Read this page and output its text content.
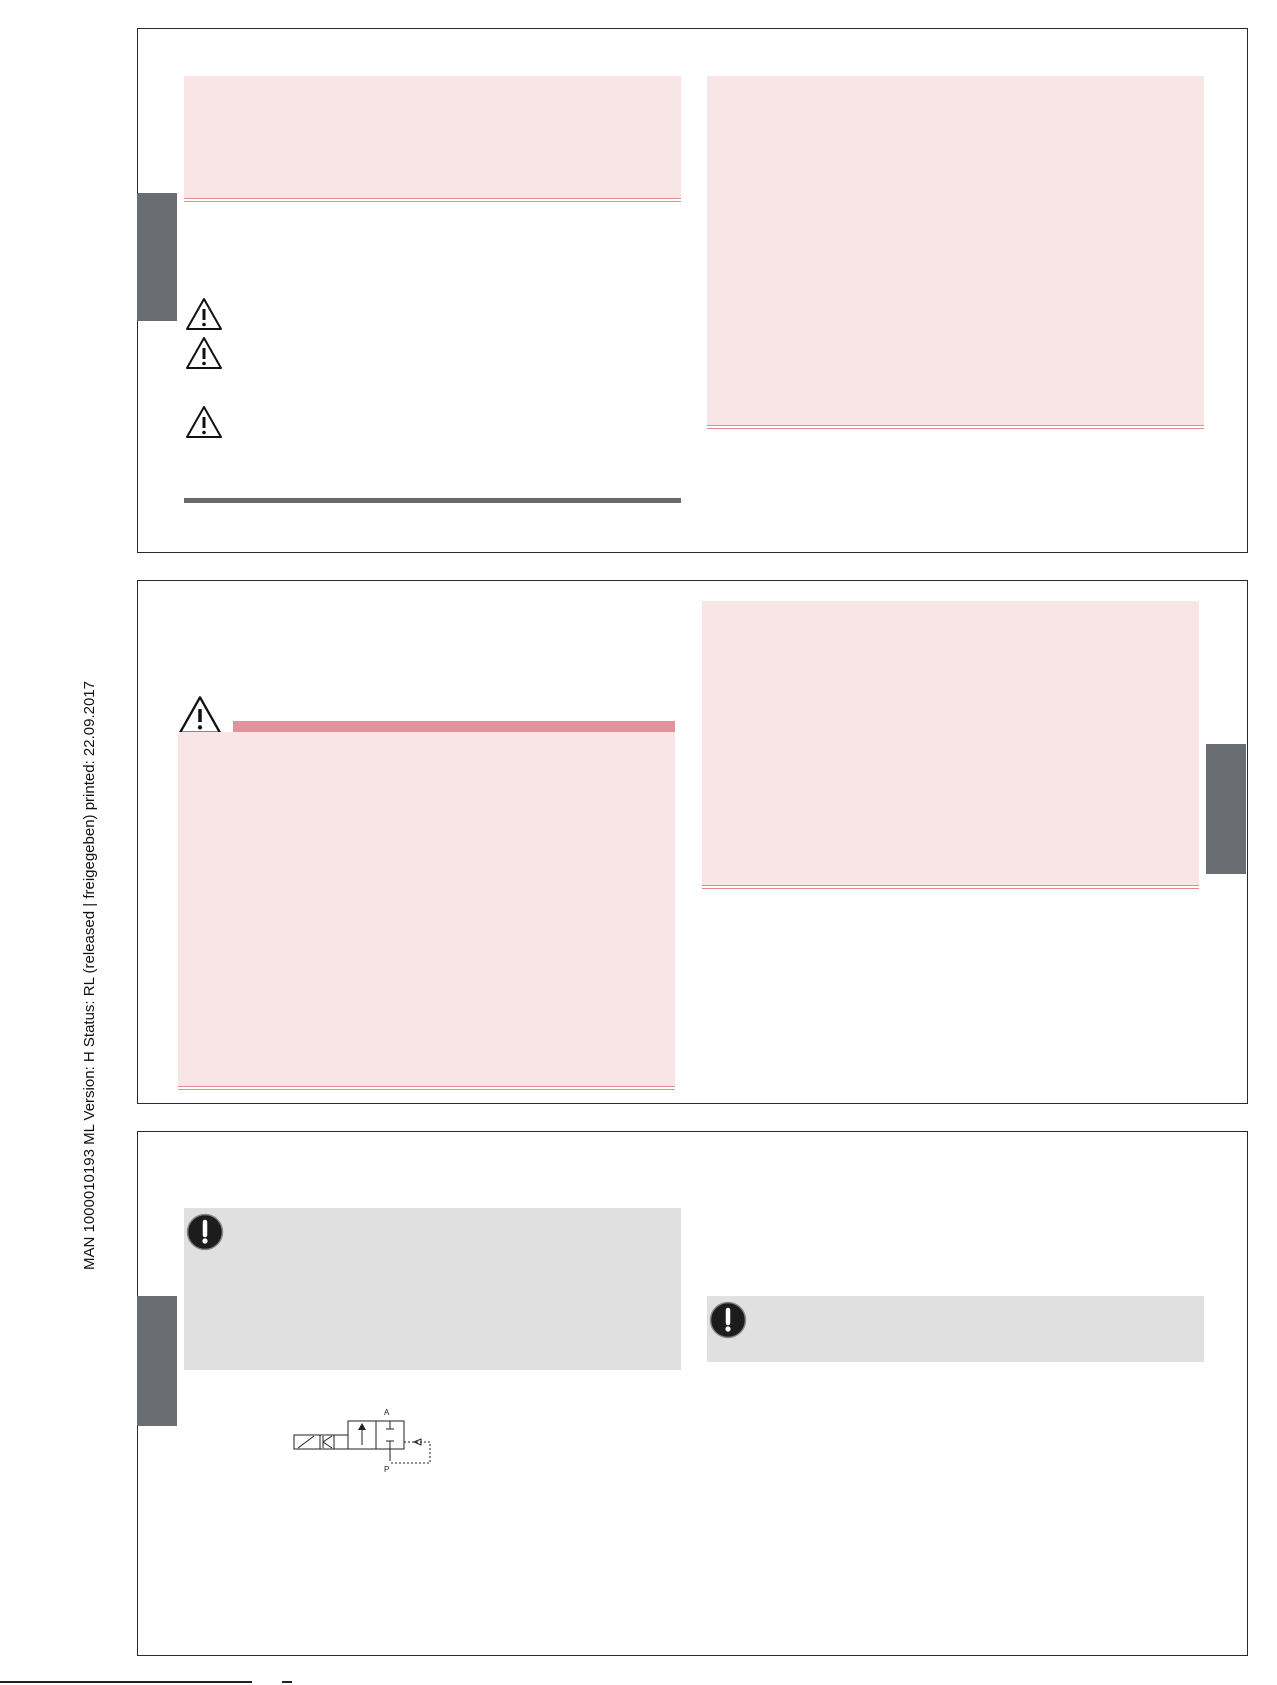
MAN 1000010193 ML Version: H Status: RL (released | freigegeben) printed: 22.09.2017
A
P
